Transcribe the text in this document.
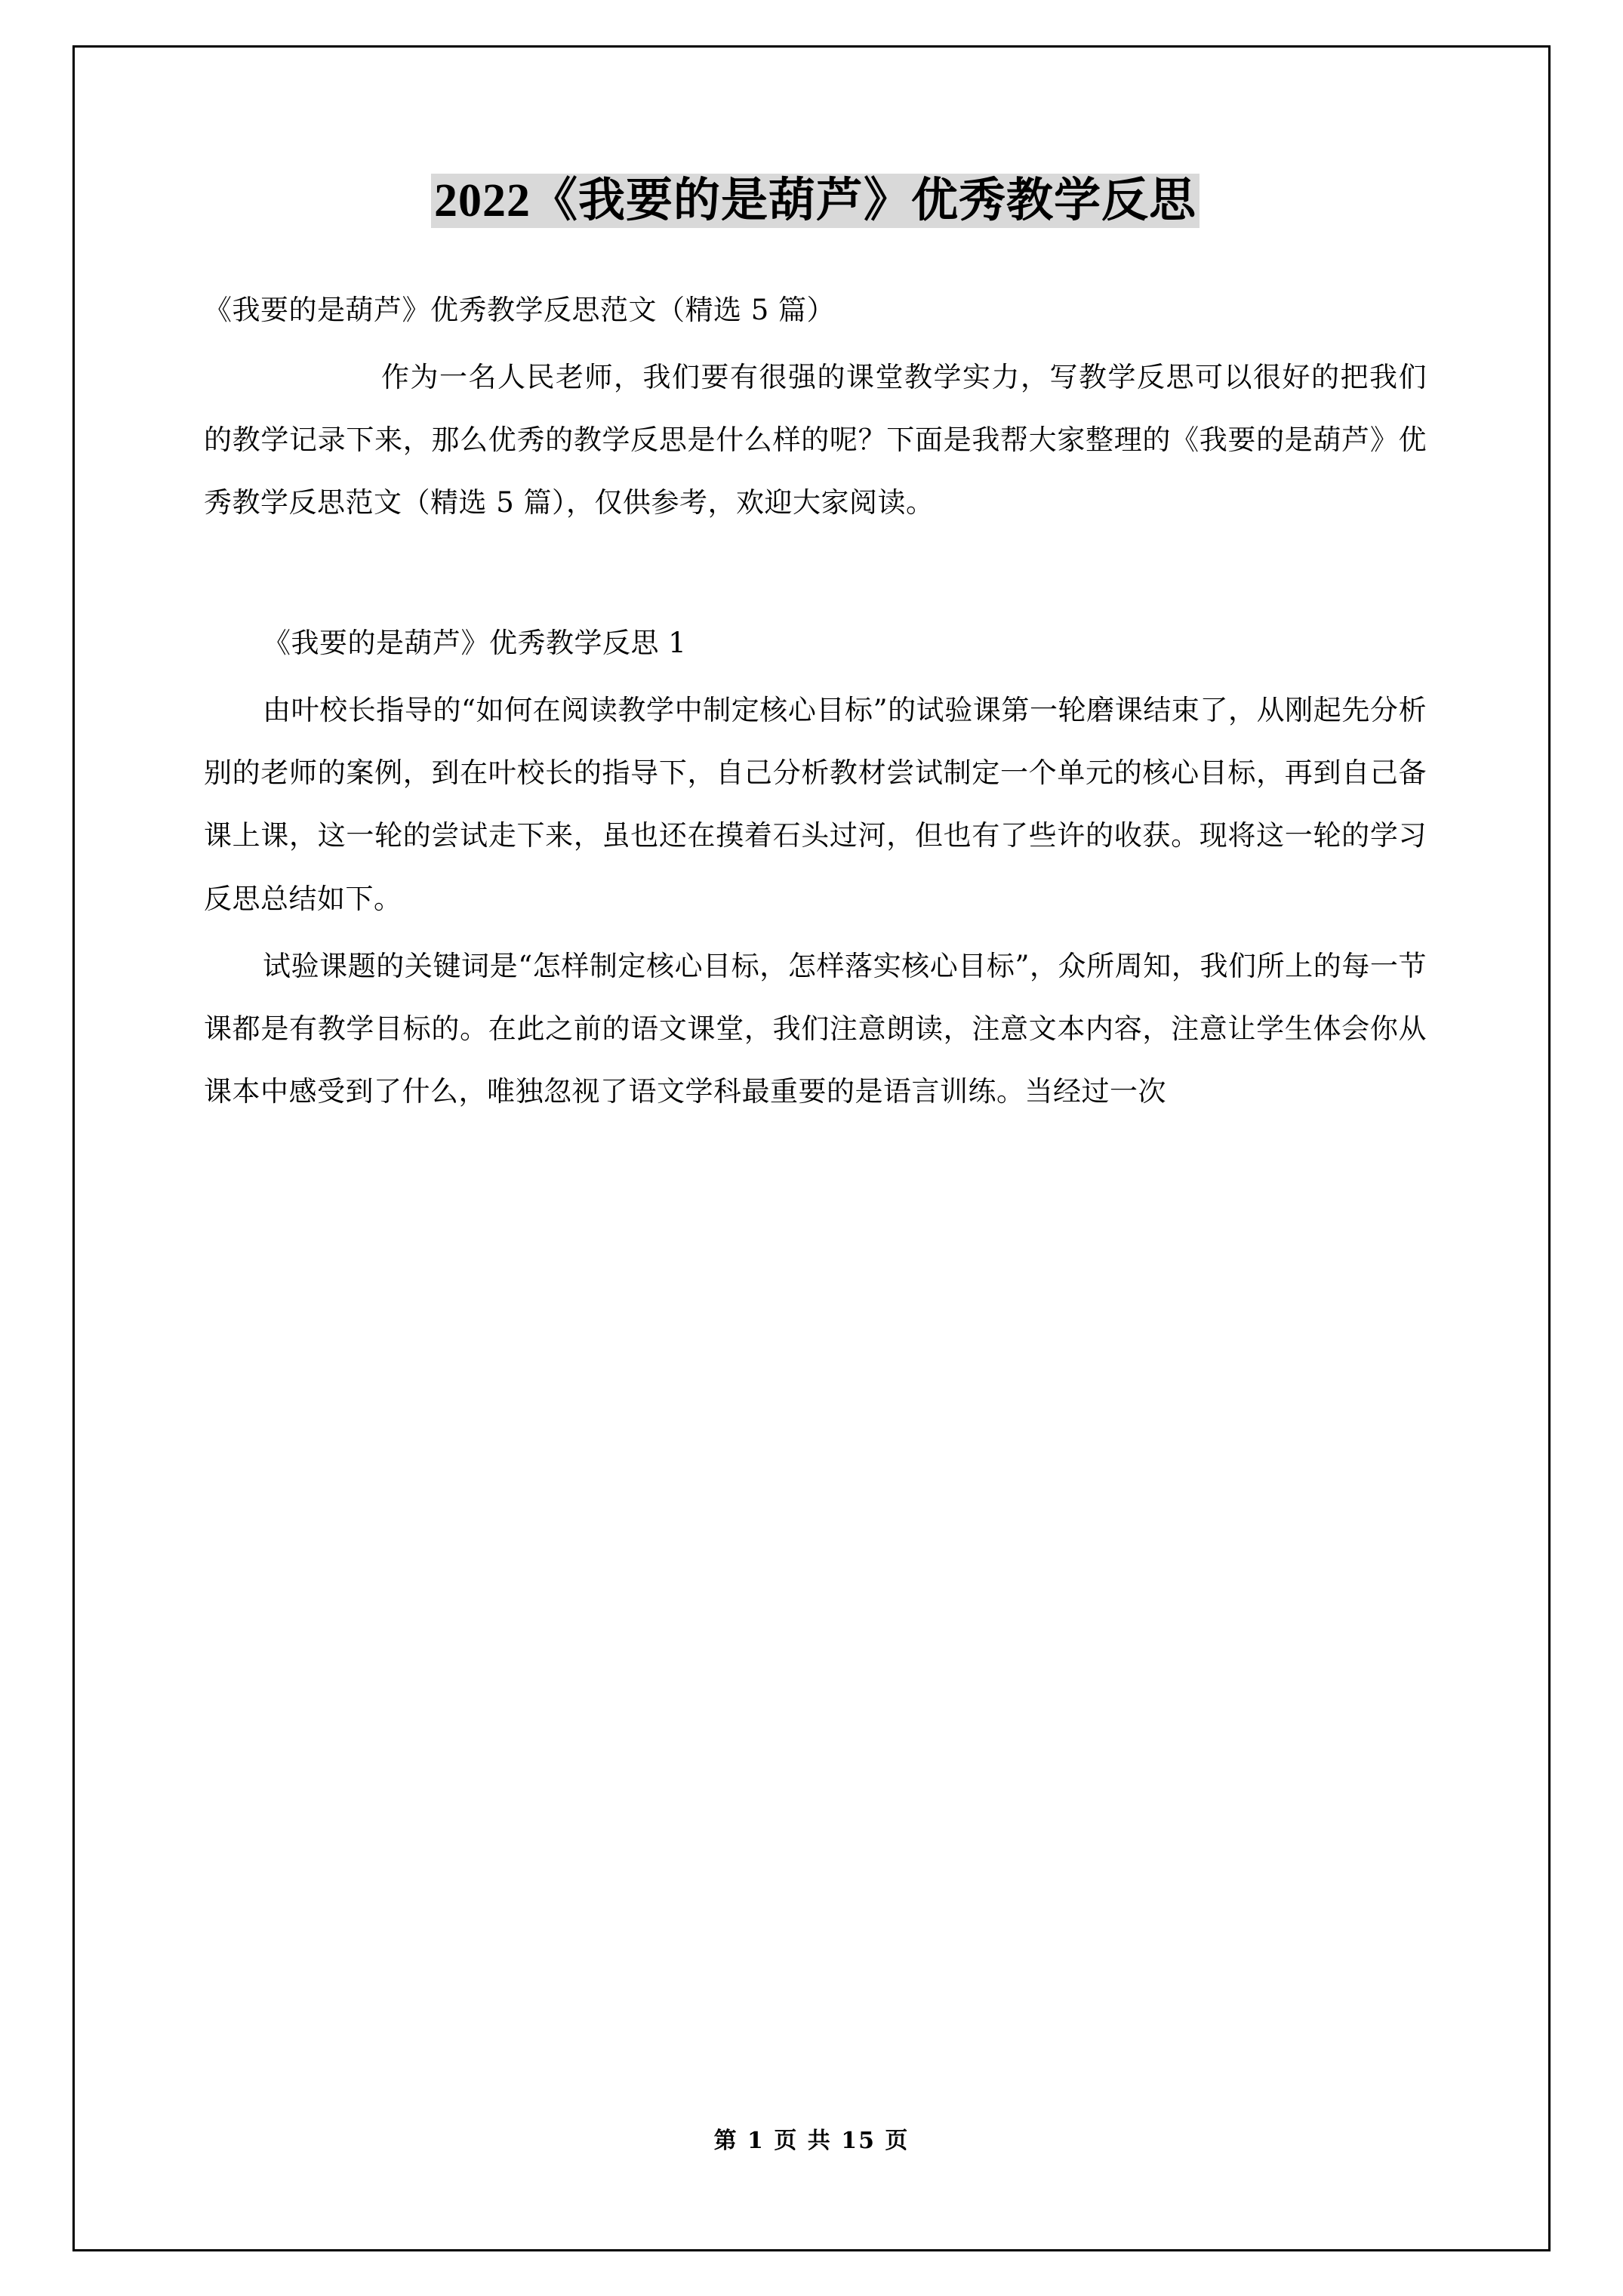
2022《我要的是葫芦》优秀教学反思

《我要的是葫芦》优秀教学反思范文（精选 5 篇）

作为一名人民老师，我们要有很强的课堂教学实力，写教学反思可以很好的把我们的教学记录下来，那么优秀的教学反思是什么样的呢？下面是我帮大家整理的《我要的是葫芦》优秀教学反思范文（精选 5 篇），仅供参考，欢迎大家阅读。

《我要的是葫芦》优秀教学反思 1

由叶校长指导的“如何在阅读教学中制定核心目标”的试验课第一轮磨课结束了，从刚起先分析别的老师的案例，到在叶校长的指导下，自己分析教材尝试制定一个单元的核心目标，再到自己备课上课，这一轮的尝试走下来，虽也还在摸着石头过河，但也有了些许的收获。现将这一轮的学习反思总结如下。

试验课题的关键词是“怎样制定核心目标，怎样落实核心目标”，众所周知，我们所上的每一节课都是有教学目标的。在此之前的语文课堂，我们注意朗读，注意文本内容，注意让学生体会你从课本中感受到了什么，唯独忽视了语文学科最重要的是语言训练。当经过一次

第 1 页 共 15 页
